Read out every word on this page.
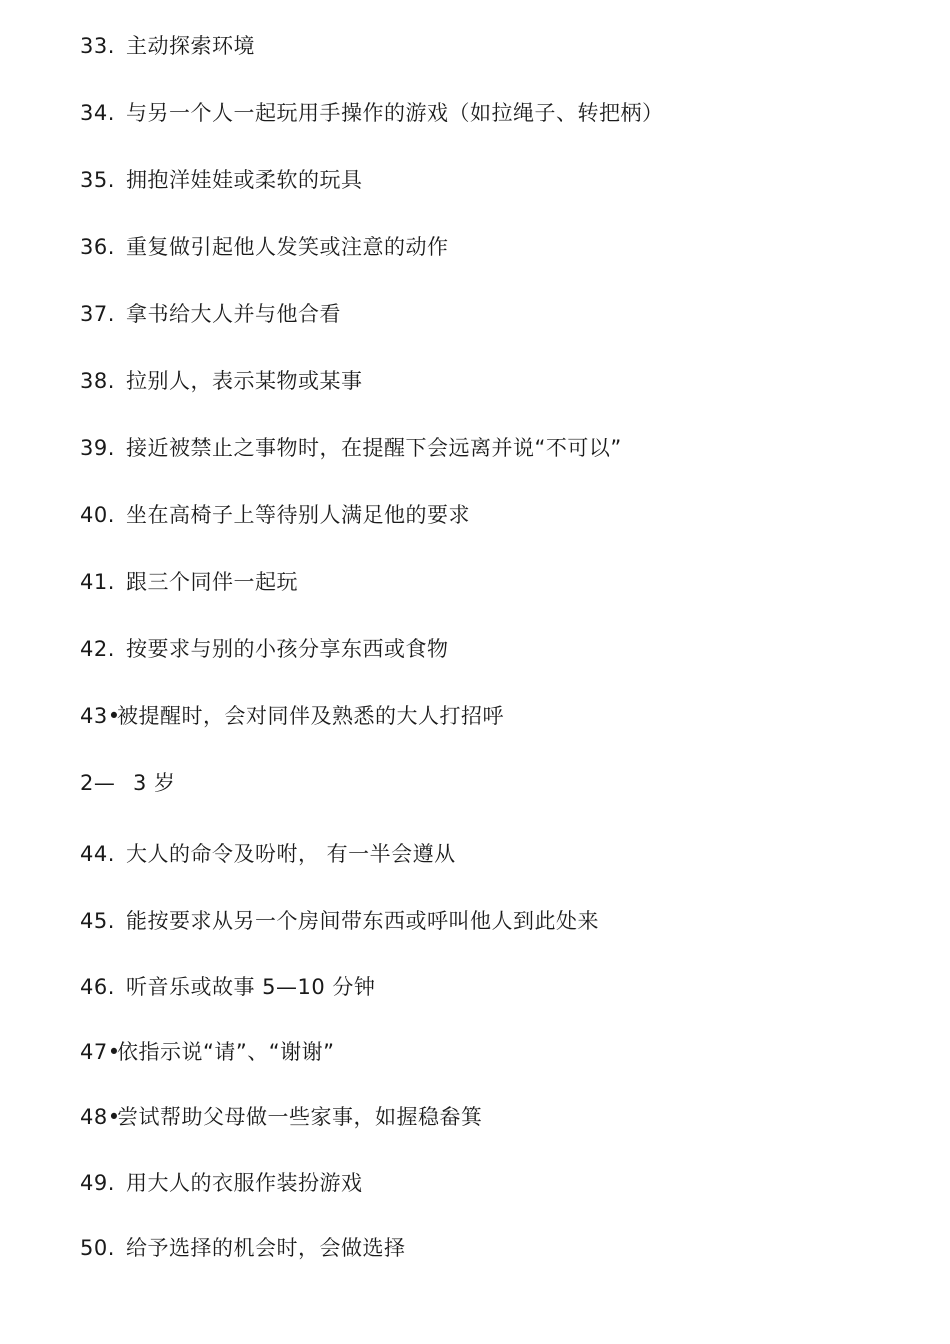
33. 主动探索环境
34. 与另一个人一起玩用手操作的游戏（如拉绳子、转把柄）
35. 拥抱洋娃娃或柔软的玩具
36. 重复做引起他人发笑或注意的动作
37. 拿书给大人并与他合看
38. 拉别人，表示某物或某事
39. 接近被禁止之事物时，在提醒下会远离并说“不可以”
40. 坐在高椅子上等待别人满足他的要求
41. 跟三个同伴一起玩
42. 按要求与别的小孩分享东西或食物
43•被提醒时，会对同伴及熟悉的大人打招呼
2— 3 岁
44.大人的命令及吩咐， 有一半会遵从
45. 能按要求从另一个房间带东西或呼叫他人到此处来
46. 听音乐或故事 5—10 分钟
47•依指示说“请”、“谢谢”
48•尝试帮助父母做一些家事，如握稳畚箕
49. 用大人的衣服作装扮游戏
50. 给予选择的机会时，会做选择
